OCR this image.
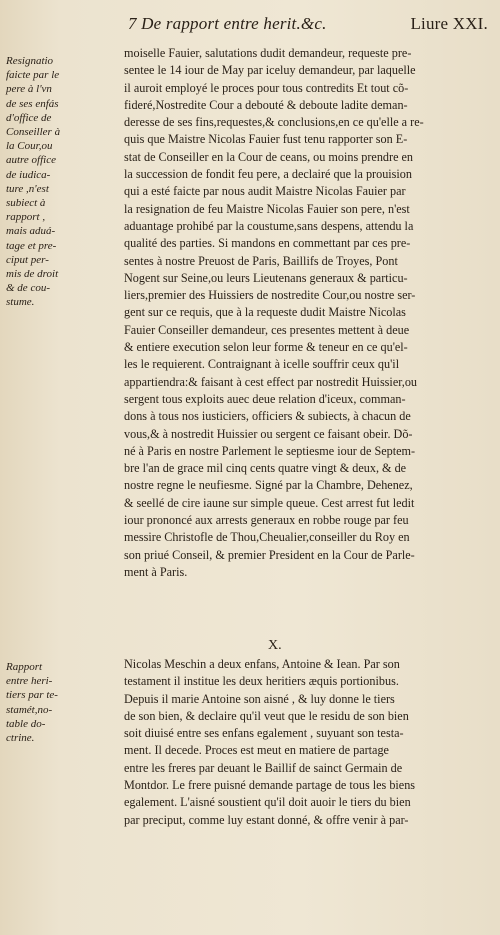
7 De rapport entre herit.&c.	Liure XXI.
Resignatio
faicte par le
pere à l'vn
de ses enfás
d'office de
Conseiller à
la Cour,ou
autre office
de iudica-
ture ,n'est
subiect à
rapport ,
mais aduá-
tage et pre-
ciput per-
mis de droit
& de cou-
stume.
moiselle Fauier, salutations dudit demandeur, requeste pre-
sentee le 14 iour de May par iceluy demandeur, par laquelle
il auroit employé le proces pour tous contredits Et tout cõ-
fideré,Nostredite Cour a debouté & deboute ladite deman-
deresse de ses fins,requestes,& conclusions,en ce qu'elle a re-
quis que Maistre Nicolas Fauier fust tenu rapporter son E-
stat de Conseiller en la Cour de ceans, ou moins prendre en
la succession de fondit feu pere, a declairé que la prouision
qui a esté faicte par nous audit Maistre Nicolas Fauier par
la resignation de feu Maistre Nicolas Fauier son pere, n'est
aduantage prohibé par la coustume,sans despens, attendu la
qualité des parties. Si mandons en commettant par ces pre-
sentes à nostre Preuost de Paris, Baillifs de Troyes, Pont
Nogent sur Seine,ou leurs Lieutenans generaux & particu-
liers,premier des Huissiers de nostredite Cour,ou nostre ser-
gent sur ce requis, que à la requeste dudit Maistre Nicolas
Fauier Conseiller demandeur, ces presentes mettent à deue
& entiere execution selon leur forme & teneur en ce qu'el-
les le requierent. Contraignant à icelle souffrir ceux qu'il
appartiendra:& faisant à cest effect par nostredit Huissier,ou
sergent tous exploits auec deue relation d'iceux, comman-
dons à tous nos iusticiers, officiers & subiects, à chacun de
vous,& à nostredit Huissier ou sergent ce faisant obeir. Dõ-
né à Paris en nostre Parlement le septiesme iour de Septem-
bre l'an de grace mil cinq cents quatre vingt & deux, & de
nostre regne le neufiesme. Signé par la Chambre, Dehenez,
& seellé de cire iaune sur simple queue. Cest arrest fut ledit
iour prononcé aux arrests generaux en robbe rouge par feu
messire Christofle de Thou,Cheualier,conseiller du Roy en
son priué Conseil, & premier President en la Cour de Parle-
ment à Paris.
X.
Rapport
entre heri-
tiers par te-
stamét,no-
table do-
ctrine.
Nicolas Meschin a deux enfans, Antoine & Iean. Par son
testament il institue les deux heritiers æquis portionibus.
Depuis il marie Antoine son aisné , & luy donne le tiers
de son bien, & declaire qu'il veut que le residu de son bien
soit diuisé entre ses enfans egalement , suyuant son testa-
ment. Il decede. Proces est meut en matiere de partage
entre les freres par deuant le Baillif de sainct Germain de
Montdor. Le frere puisné demande partage de tous les biens
egalement. L'aisné soustient qu'il doit auoir le tiers du bien
par preciput, comme luy estant donné, & offre venir à par-
